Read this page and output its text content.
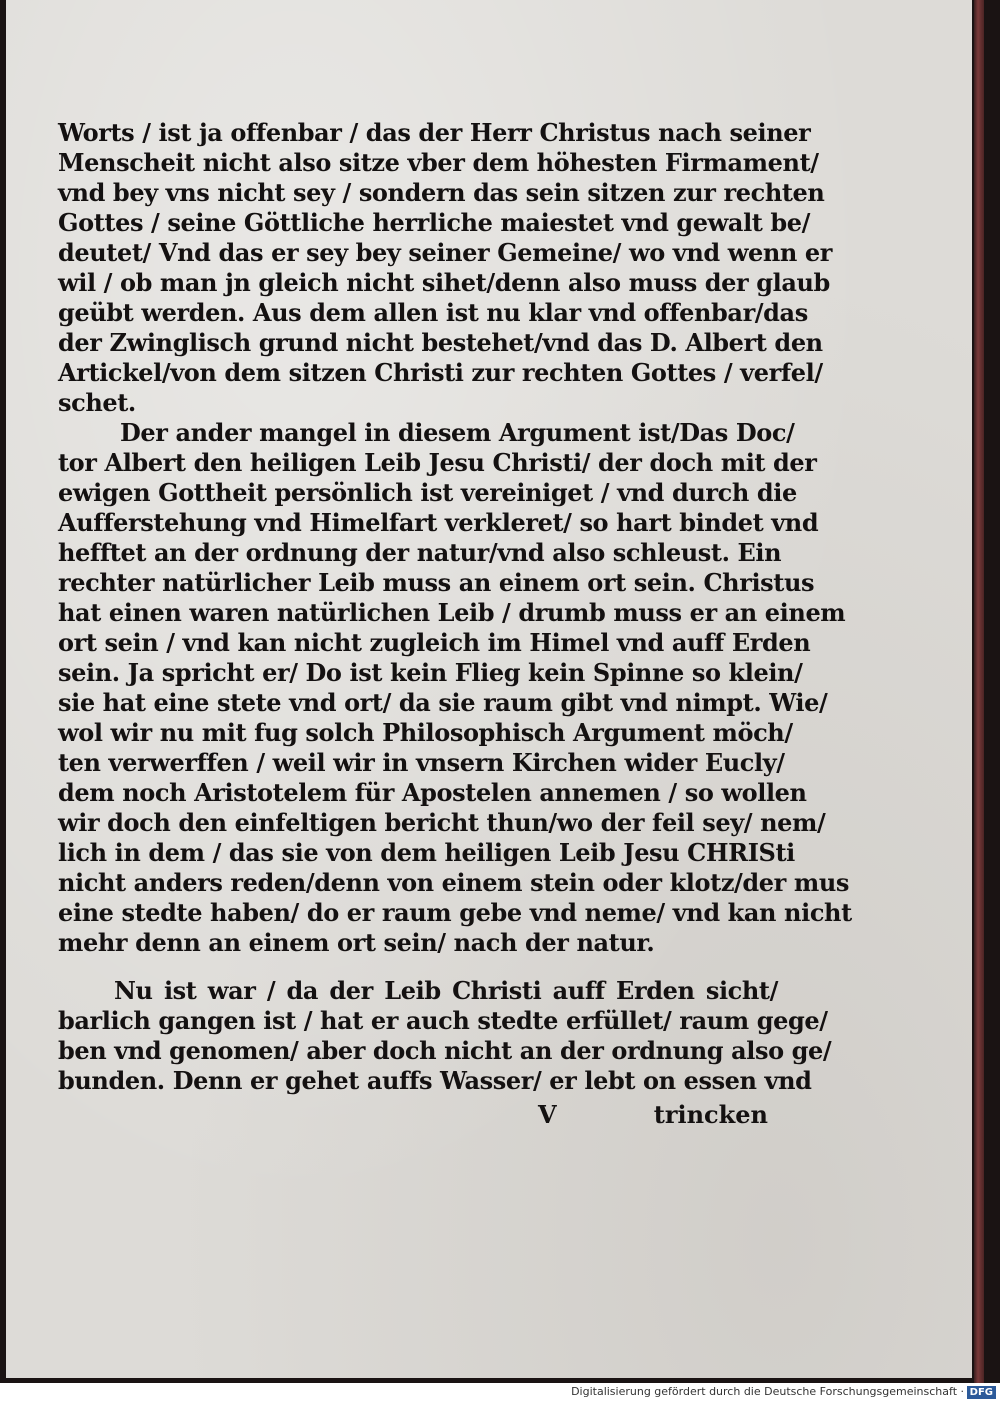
Worts / ist ja offenbar / das der Herr Christus nach seiner
Menscheit nicht also sitze vber dem höhesten Firmament/
vnd bey vns nicht sey / sondern das sein sitzen zur rechten
Gottes / seine Göttliche herrliche maiestet vnd gewalt be/
deutet/ Vnd das er sey bey seiner Gemeine/ wo vnd wenn er
wil / ob man jn gleich nicht sihet/denn also muss der glaub
geübt werden. Aus dem allen ist nu klar vnd offenbar/das
der Zwinglisch grund nicht bestehet/vnd das D. Albert den
Artickel/von dem sitzen Christi zur rechten Gottes / verfel/
schet.
Der ander mangel in diesem Argument ist/Das Doc/
tor Albert den heiligen Leib Jesu Christi/ der doch mit der
ewigen Gottheit persönlich ist vereiniget / vnd durch die
Aufferstehung vnd Himelfart verkleret/ so hart bindet vnd
hefftet an der ordnung der natur/vnd also schleust. Ein
rechter natürlicher Leib muss an einem ort sein. Christus
hat einen waren natürlichen Leib / drumb muss er an einem
ort sein / vnd kan nicht zugleich im Himel vnd auff Erden
sein. Ja spricht er/ Do ist kein Flieg kein Spinne so klein/
sie hat eine stete vnd ort/ da sie raum gibt vnd nimpt. Wie/
wol wir nu mit fug solch Philosophisch Argument möch/
ten verwerffen / weil wir in vnsern Kirchen wider Eucly/
dem noch Aristotelem für Apostelen annemen / so wollen
wir doch den einfeltigen bericht thun/wo der feil sey/ nem/
lich in dem / das sie von dem heiligen Leib Jesu CHRISti
nicht anders reden/denn von einem stein oder klotz/der mus
eine stedte haben/ do er raum gebe vnd neme/ vnd kan nicht
mehr denn an einem ort sein/ nach der natur.
Nu ist war / da der Leib Christi auff Erden sicht/
barlich gangen ist / hat er auch stedte erfüllet/ raum gege/
ben vnd genomen/ aber doch nicht an der ordnung also ge/
bunden. Denn er gehet auffs Wasser/ er lebt on essen vnd
V	trincken
Digitalisierung gefördert durch die Deutsche Forschungsgemeinschaft · DFG
